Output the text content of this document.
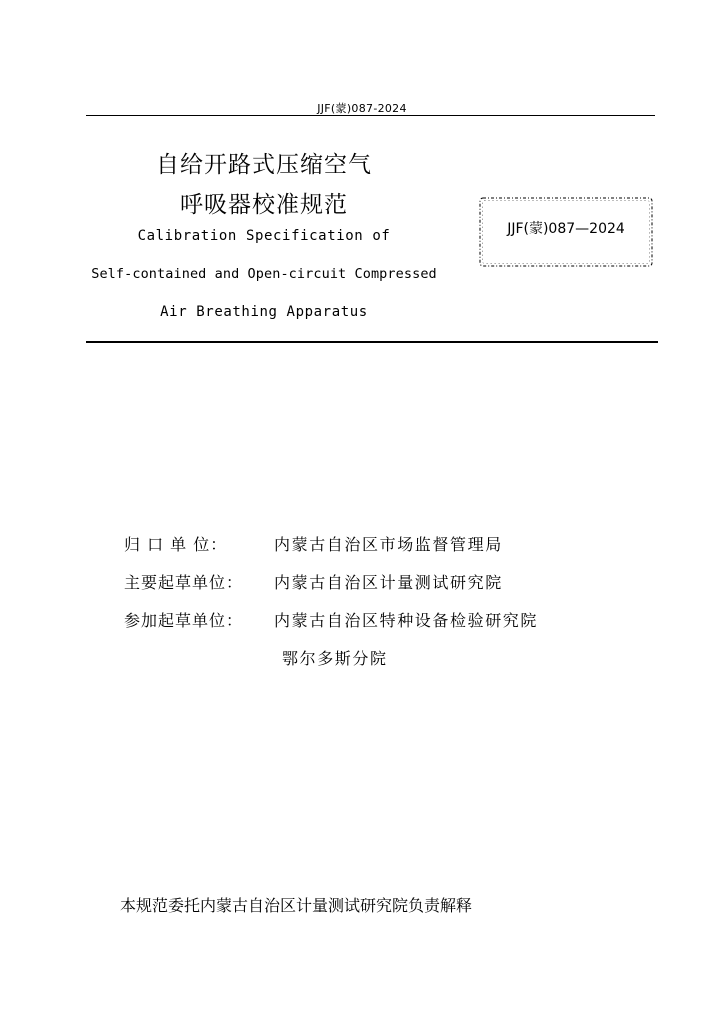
JJF(蒙)087-2024
自给开路式压缩空气
呼吸器校准规范
Calibration Specification of
Self-contained and Open-circuit Compressed
Air Breathing Apparatus
JJF(蒙)087—2024
归 口 单 位：	内蒙古自治区市场监督管理局
主要起草单位： 内蒙古自治区计量测试研究院
参加起草单位： 内蒙古自治区特种设备检验研究院
鄂尔多斯分院
本规范委托内蒙古自治区计量测试研究院负责解释
